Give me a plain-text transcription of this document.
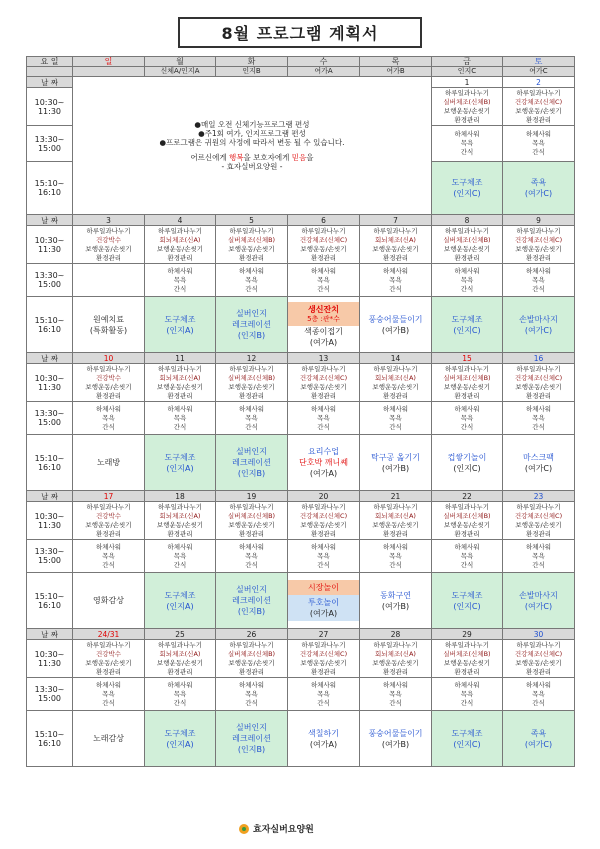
8월 프로그램 계획서
요 일	일	월	화	수	목	금	토
		신체A/인지A	인지B	여가A	여가B	인지C	여가C
날 짜	●매일 오전 신체기능프로그램 편성

●주1회 여가, 인지프로그램 편성

●프로그램은 귀원의 사정에 따라서 변동 될 수 있습니다.

어르신에게 행복을 보호자에게 믿음을

- 효자실버요양원 -					1	2
10:30~
11:30						하루일과나누기
실버체조(신체B)
보행운동/손씻기
환경관리	하루일과나누기
건강체조(신체C)
보행운동/손씻기
환경관리
13:30~
15:00						하체사워
목욕
간식	하체사워
목욕
간식
15:10~
16:10						도구체조
(인지C)	족욕
(여가C)
날 짜	3	4	5	6	7	8	9
10:30~
11:30	하루일과나누기
건강박수
보행운동/손씻기
환경관리	하루일과나누기
회뇌체조(신A)
보행운동/손씻기
환경관리	하루일과나누기
실버체조(신체B)
보행운동/손씻기
환경관리	하루일과나누기
건강체조(신체C)
보행운동/손씻기
환경관리	하루일과나누기
회뇌체조(신A)
보행운동/손씻기
환경관리	하루일과나누기
실버체조(신체B)
보행운동/손씻기
환경관리	하루일과나누기
건강체조(신체C)
보행운동/손씻기
환경관리
13:30~
15:00		하체사워
목욕
간식	하체사워
목욕
간식	하체사워
목욕
간식	하체사워
목욕
간식	하체사워
목욕
간식	하체사워
목욕
간식
15:10~
16:10	원예치료
(특화활동)	도구체조
(인지A)	실버인지
레크레이션
(인지B)	생신잔치
5층 :관*수
색종이접기
(여가A)	풍숭어물들이기
(여가B)	도구체조
(인지C)	손발마사지
(여가C)
날 짜	10	11	12	13	14	15	16
10:30~
11:30	하루일과나누기
건강박수
보행운동/손씻기
환경관리	하루일과나누기
회뇌체조(신A)
보행운동/손씻기
환경관리	하루일과나누기
실버체조(신체B)
보행운동/손씻기
환경관리	하루일과나누기
건강체조(신체C)
보행운동/손씻기
환경관리	하루일과나누기
회뇌체조(신A)
보행운동/손씻기
환경관리	하루일과나누기
실버체조(신체B)
보행운동/손씻기
환경관리	하루일과나누기
건강체조(신체C)
보행운동/손씻기
환경관리
13:30~
15:00	하체사워
목욕
간식	하체사워
목욕
간식	하체사워
목욕
간식	하체사워
목욕
간식	하체사워
목욕
간식	하체사워
목욕
간식	하체사워
목욕
간식
15:10~
16:10	노래방	도구체조
(인지A)	실버인지
레크레이션
(인지B)	요리수업
단호박 깨니쎼
(여가A)	탁구공 옮기기
(여가B)	컵쌓기놀이
(인지C)	마스크팩
(여가C)
날 짜	17	18	19	20	21	22	23
10:30~
11:30	하루일과나누기
건강박수
보행운동/손씻기
환경관리	하루일과나누기
회뇌체조(신A)
보행운동/손씻기
환경관리	하루일과나누기
실버체조(신체B)
보행운동/손씻기
환경관리	하루일과나누기
건강체조(신체C)
보행운동/손씻기
환경관리	하루일과나누기
회뇌체조(신A)
보행운동/손씻기
환경관리	하루일과나누기
실버체조(신체B)
보행운동/손씻기
환경관리	하루일과나누기
건강체조(신체C)
보행운동/손씻기
환경관리
13:30~
15:00	하체사워
목욕
간식	하체사워
목욕
간식	하체사워
목욕
간식	하체사워
목욕
간식	하체사워
목욕
간식	하체사워
목욕
간식	하체사워
목욕
간식
15:10~
16:10	영화감상	도구체조
(인지A)	실버인지
레크레이션
(인지B)	시장놀이
투호놀이
(여가A)	동화구연
(여가B)	도구체조
(인지C)	손발마사지
(여가C)
날 짜	24/31	25	26	27	28	29	30
10:30~
11:30	하루일과나누기
건강박수
보행운동/손씻기
환경관리	하루일과나누기
회뇌체조(신A)
보행운동/손씻기
환경관리	하루일과나누기
실버체조(신체B)
보행운동/손씻기
환경관리	하루일과나누기
건강체조(신체C)
보행운동/손씻기
환경관리	하루일과나누기
회뇌체조(신A)
보행운동/손씻기
환경관리	하루일과나누기
실버체조(신체B)
보행운동/손씻기
환경관리	하루일과나누기
건강체조(신체C)
보행운동/손씻기
환경관리
13:30~
15:00	하체사워
목욕
간식	하체사워
목욕
간식	하체사워
목욕
간식	하체사워
목욕
간식	하체사워
목욕
간식	하체사워
목욕
간식	하체사워
목욕
간식
15:10~
16:10	노래감상	도구체조
(인지A)	실버인지
레크레이션
(인지B)	색칠하기
(여가A)	풍숭어물들이기
(여가B)	도구체조
(인지C)	족욕
(여가C)
효자실버요양원
